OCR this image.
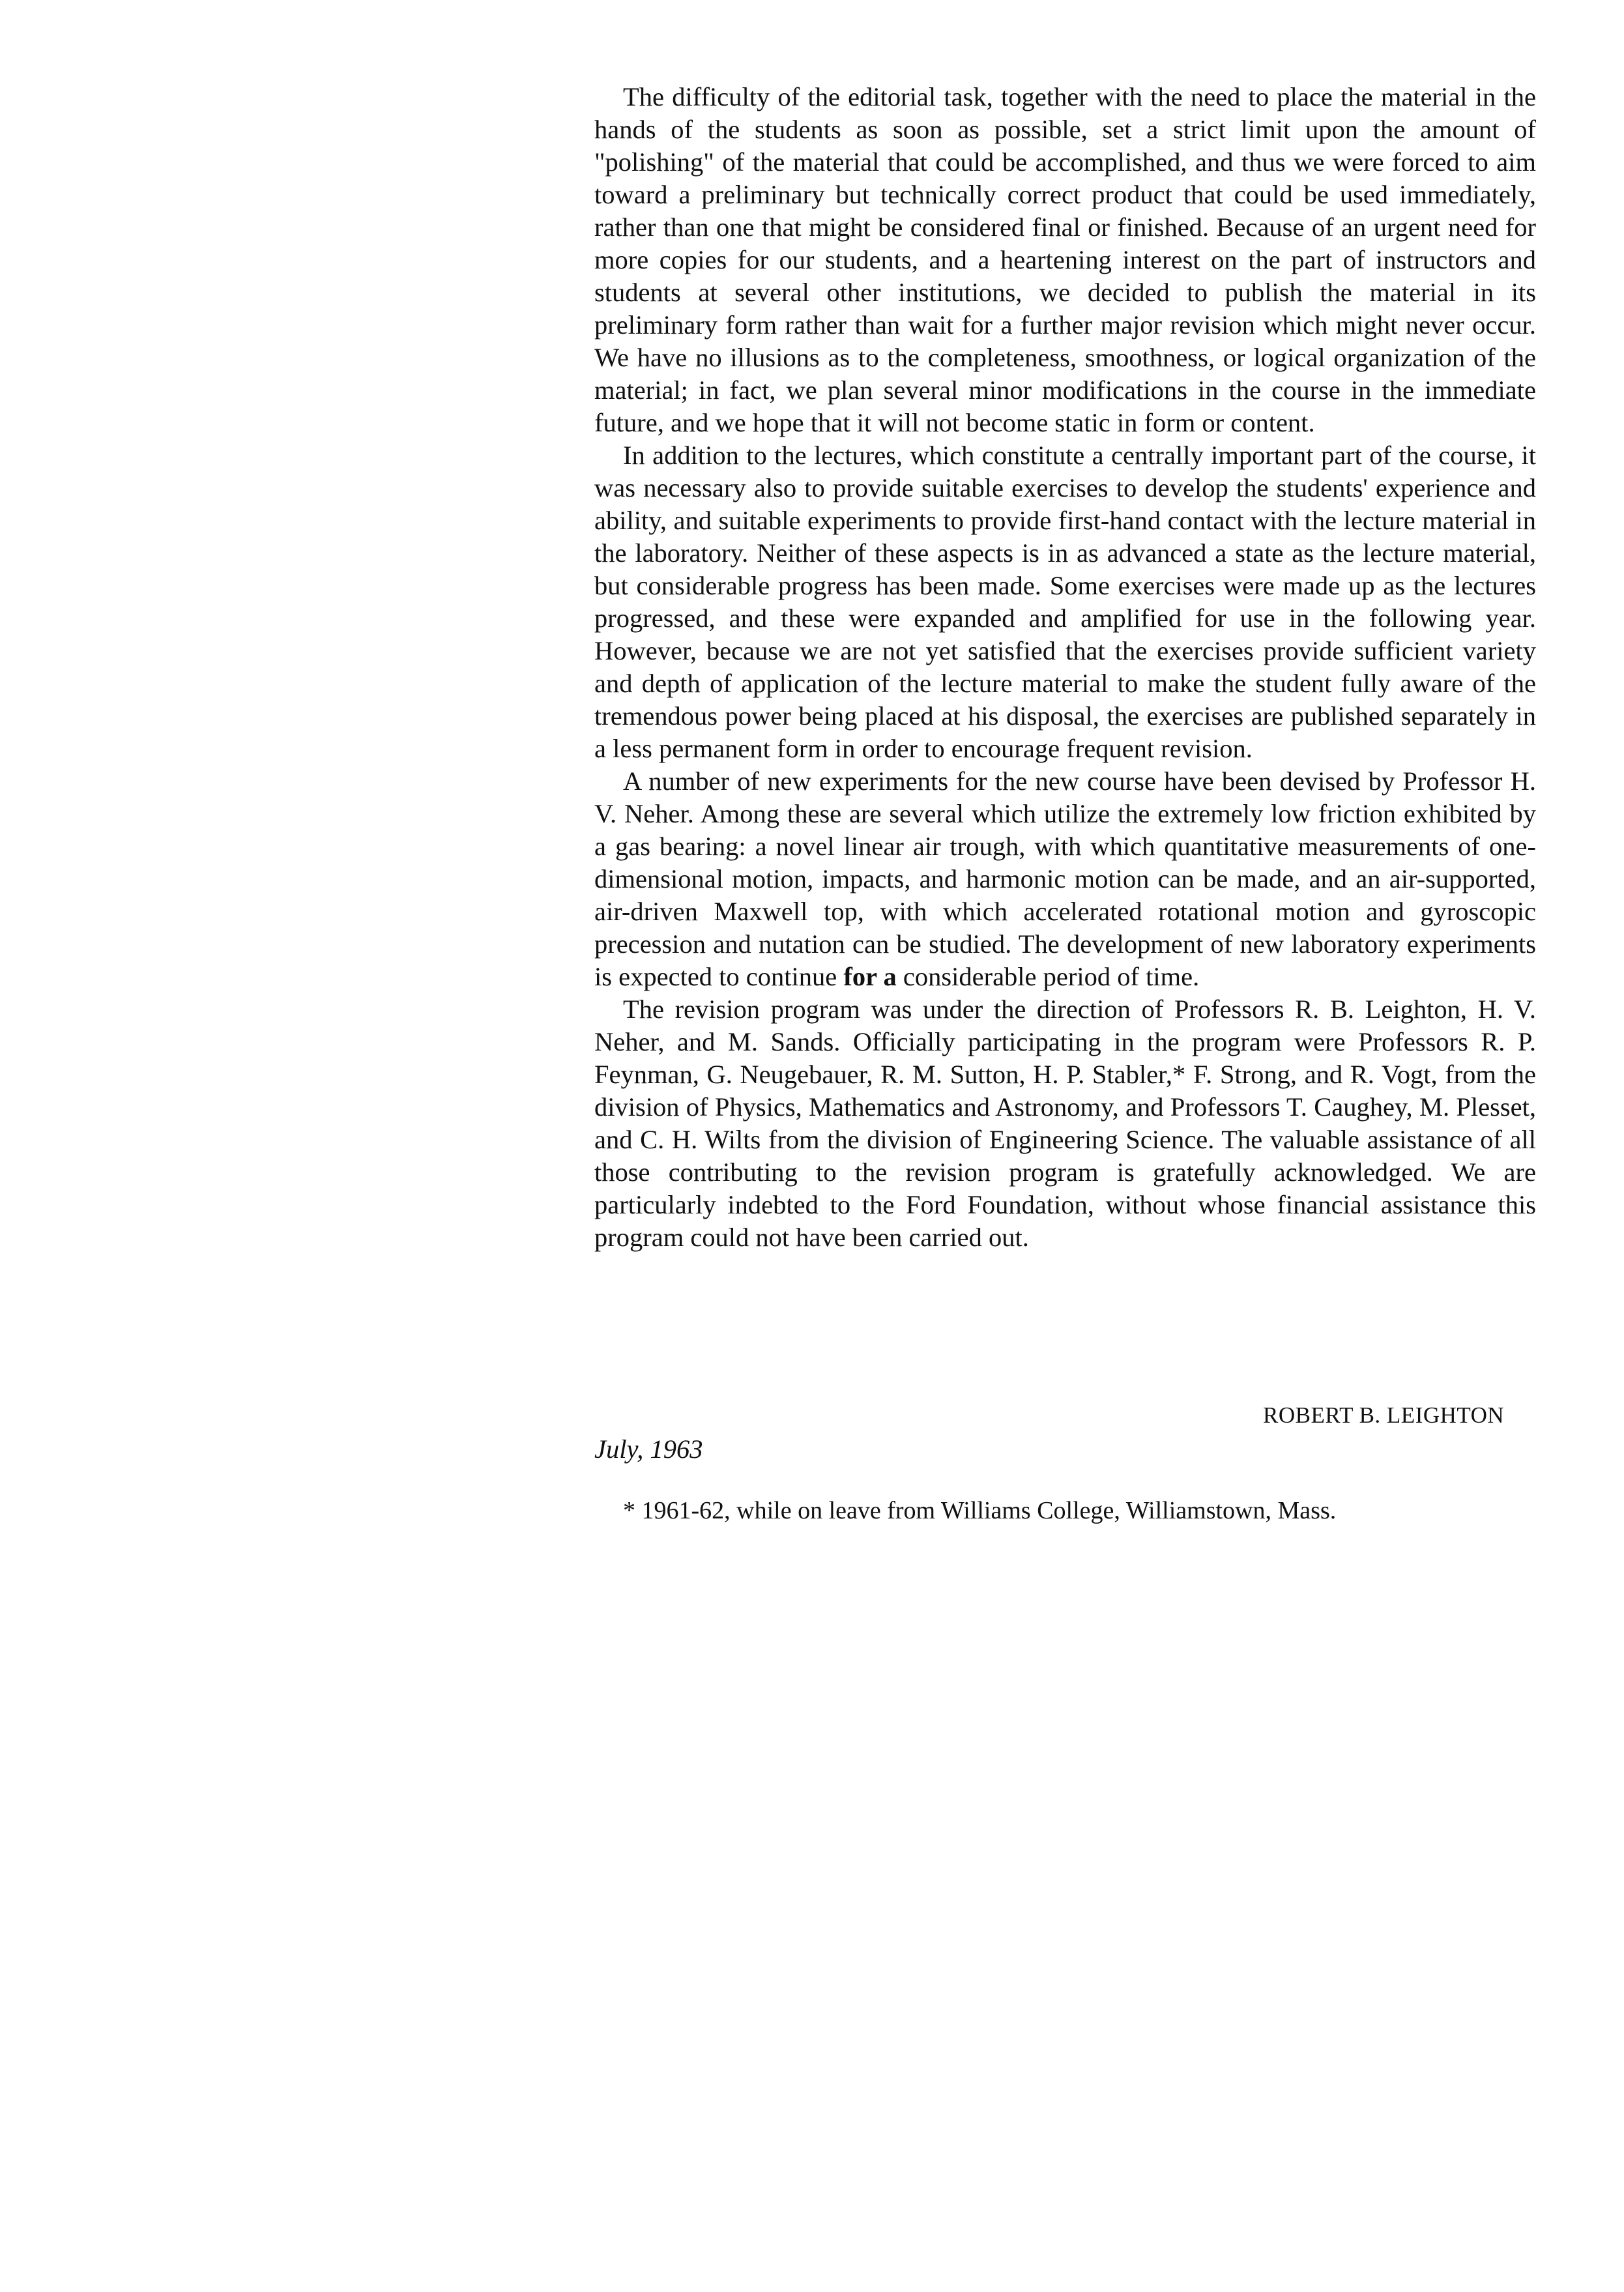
The difficulty of the editorial task, together with the need to place the material in the hands of the students as soon as possible, set a strict limit upon the amount of "polishing" of the material that could be accomplished, and thus we were forced to aim toward a preliminary but technically correct product that could be used immediately, rather than one that might be considered final or finished. Because of an urgent need for more copies for our students, and a heartening interest on the part of instructors and students at several other institutions, we decided to publish the material in its preliminary form rather than wait for a further major revision which might never occur. We have no illusions as to the completeness, smoothness, or logical organization of the material; in fact, we plan several minor modifications in the course in the immediate future, and we hope that it will not become static in form or content.

In addition to the lectures, which constitute a centrally important part of the course, it was necessary also to provide suitable exercises to develop the students' experience and ability, and suitable experiments to provide first-hand contact with the lecture material in the laboratory. Neither of these aspects is in as advanced a state as the lecture material, but considerable progress has been made. Some exercises were made up as the lectures progressed, and these were expanded and amplified for use in the following year. However, because we are not yet satisfied that the exercises provide sufficient variety and depth of application of the lecture material to make the student fully aware of the tremendous power being placed at his disposal, the exercises are published separately in a less permanent form in order to encourage frequent revision.

A number of new experiments for the new course have been devised by Professor H. V. Neher. Among these are several which utilize the extremely low friction exhibited by a gas bearing: a novel linear air trough, with which quantitative measurements of one-dimensional motion, impacts, and harmonic motion can be made, and an air-supported, air-driven Maxwell top, with which accelerated rotational motion and gyroscopic precession and nutation can be studied. The development of new laboratory experiments is expected to continue for a considerable period of time.

The revision program was under the direction of Professors R. B. Leighton, H. V. Neher, and M. Sands. Officially participating in the program were Professors R. P. Feynman, G. Neugebauer, R. M. Sutton, H. P. Stabler,* F. Strong, and R. Vogt, from the division of Physics, Mathematics and Astronomy, and Professors T. Caughey, M. Plesset, and C. H. Wilts from the division of Engineering Science. The valuable assistance of all those contributing to the revision program is gratefully acknowledged. We are particularly indebted to the Ford Foundation, without whose financial assistance this program could not have been carried out.

ROBERT B. LEIGHTON
July, 1963
* 1961-62, while on leave from Williams College, Williamstown, Mass.
